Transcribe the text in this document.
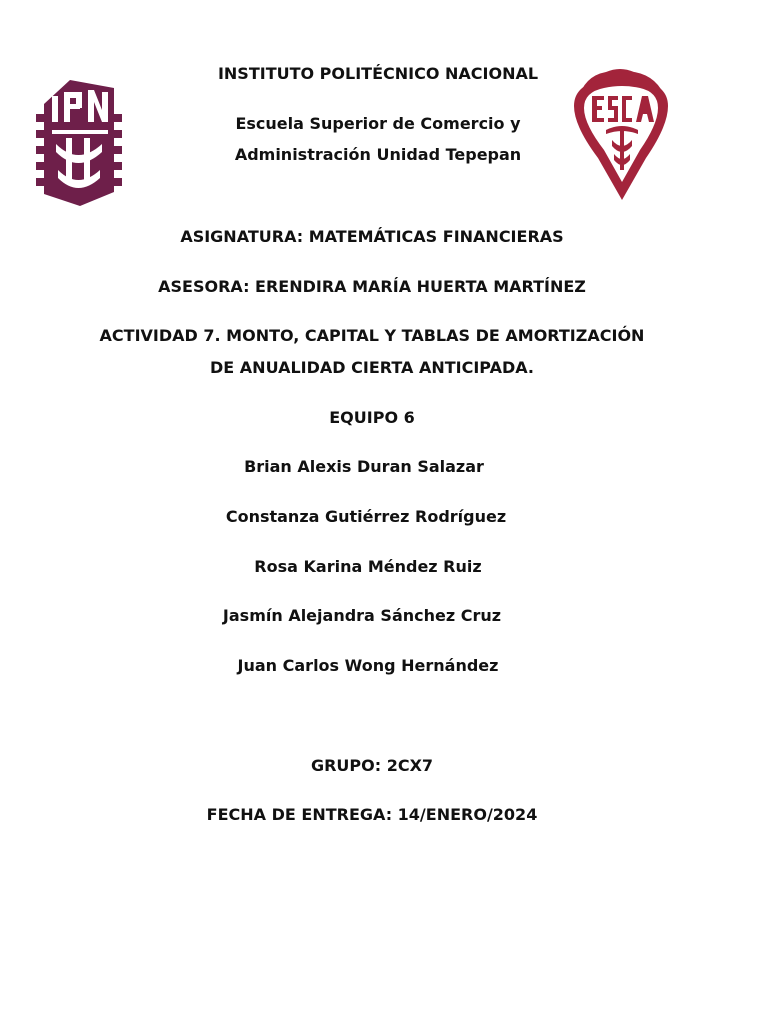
INSTITUTO POLITÉCNICO NACIONAL
Escuela Superior de Comercio y
Administración Unidad Tepepan
ASIGNATURA: MATEMÁTICAS FINANCIERAS
ASESORA: ERENDIRA MARÍA HUERTA MARTÍNEZ
ACTIVIDAD 7. MONTO, CAPITAL Y TABLAS DE AMORTIZACIÓN
DE ANUALIDAD CIERTA ANTICIPADA.
EQUIPO 6
Brian Alexis Duran Salazar
Constanza Gutiérrez Rodríguez
Rosa Karina Méndez Ruiz
Jasmín Alejandra Sánchez Cruz
Juan Carlos Wong Hernández
GRUPO: 2CX7
FECHA DE ENTREGA: 14/ENERO/2024
